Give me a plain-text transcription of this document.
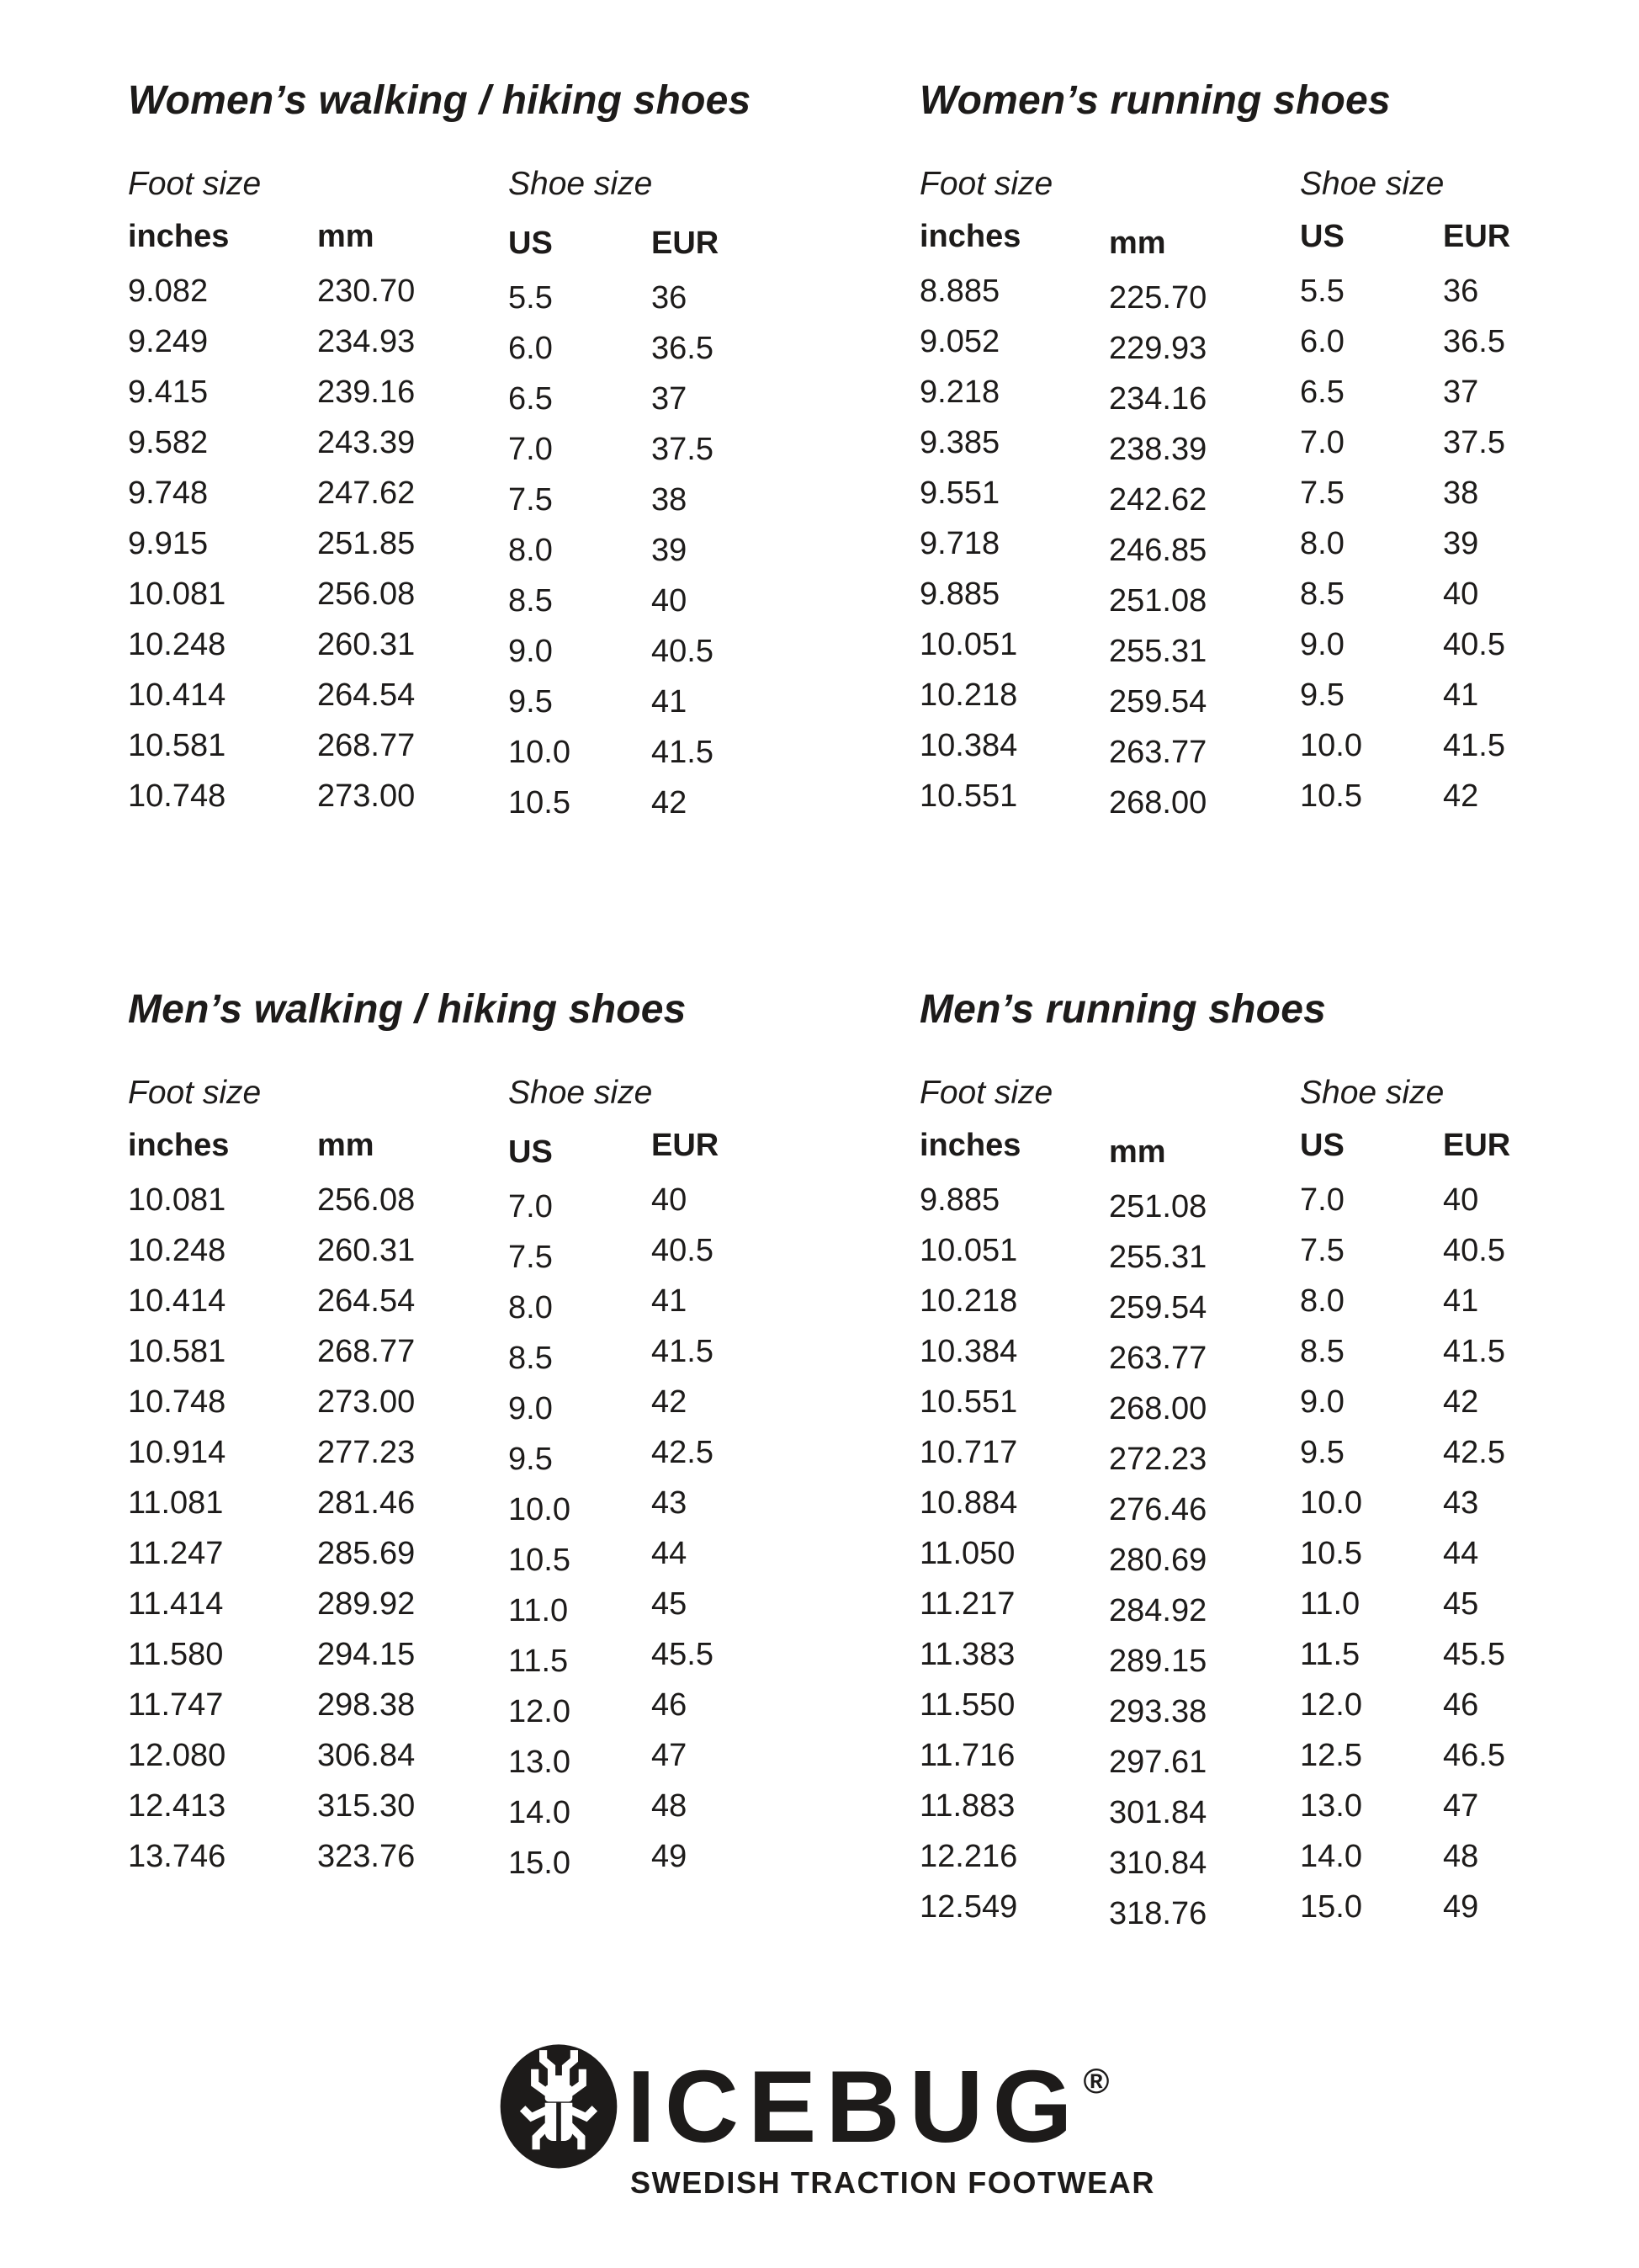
Women’s walking / hiking shoes
Foot size	Shoe size
inches	mm	US	EUR
9.082	230.70	5.5	36
9.249	234.93	6.0	36.5
9.415	239.16	6.5	37
9.582	243.39	7.0	37.5
9.748	247.62	7.5	38
9.915	251.85	8.0	39
10.081	256.08	8.5	40
10.248	260.31	9.0	40.5
10.414	264.54	9.5	41
10.581	268.77	10.0	41.5
10.748	273.00	10.5	42
Women’s running shoes
Foot size	Shoe size
inches	mm	US	EUR
8.885	225.70	5.5	36
9.052	229.93	6.0	36.5
9.218	234.16	6.5	37
9.385	238.39	7.0	37.5
9.551	242.62	7.5	38
9.718	246.85	8.0	39
9.885	251.08	8.5	40
10.051	255.31	9.0	40.5
10.218	259.54	9.5	41
10.384	263.77	10.0	41.5
10.551	268.00	10.5	42
Men’s walking / hiking shoes
Foot size	Shoe size
inches	mm	US	EUR
10.081	256.08	7.0	40
10.248	260.31	7.5	40.5
10.414	264.54	8.0	41
10.581	268.77	8.5	41.5
10.748	273.00	9.0	42
10.914	277.23	9.5	42.5
11.081	281.46	10.0	43
11.247	285.69	10.5	44
11.414	289.92	11.0	45
11.580	294.15	11.5	45.5
11.747	298.38	12.0	46
12.080	306.84	13.0	47
12.413	315.30	14.0	48
13.746	323.76	15.0	49
Men’s running shoes
Foot size	Shoe size
inches	mm	US	EUR
9.885	251.08	7.0	40
10.051	255.31	7.5	40.5
10.218	259.54	8.0	41
10.384	263.77	8.5	41.5
10.551	268.00	9.0	42
10.717	272.23	9.5	42.5
10.884	276.46	10.0	43
11.050	280.69	10.5	44
11.217	284.92	11.0	45
11.383	289.15	11.5	45.5
11.550	293.38	12.0	46
11.716	297.61	12.5	46.5
11.883	301.84	13.0	47
12.216	310.84	14.0	48
12.549	318.76	15.0	49
ICEBUG ®
SWEDISH TRACTION FOOTWEAR
